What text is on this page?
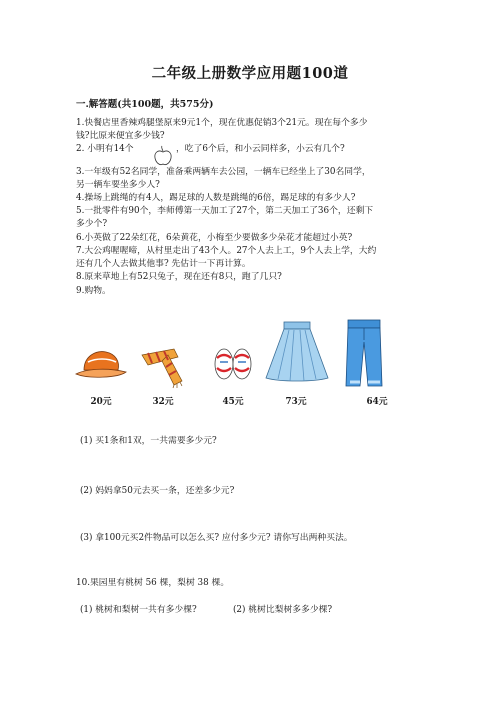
二年级上册数学应用题100道
一.解答题(共100题，共575分)
1.快餐店里香辣鸡腿堡原来9元1个，现在优惠促销3个21元。现在每个多少
钱?比原来便宜多少钱?
2. 小明有14个	，吃了6个后，和小云同样多，小云有几个?
3.一年级有52名同学，准备乘两辆车去公园，一辆车已经坐上了30名同学，
另一辆车要坐多少人?
4.操场上跳绳的有4人，踢足球的人数是跳绳的6倍，踢足球的有多少人?
5.一批零件有90个，李师傅第一天加工了27个，第二天加工了36个，还剩下
多少个?
6.小英做了22朵红花，6朵黄花，小梅至少要做多少朵花才能超过小英?
7.大公鸡喔喔啼，从村里走出了43个人。27个人去上工，9个人去上学，大约
还有几个人去做其他事? 先估计一下再计算。
8.原来草地上有52只兔子，现在还有8只，跑了几只?
9.购物。
20元	32元	45元	73元	64元
(1) 买1条和1双，一共需要多少元?
(2) 妈妈拿50元去买一条，还差多少元?
(3) 拿100元买2件物品可以怎么买? 应付多少元? 请你写出两种买法。
10.果园里有桃树 56 棵，梨树 38 棵。
(1) 桃树和梨树一共有多少棵?	(2) 桃树比梨树多多少棵?
